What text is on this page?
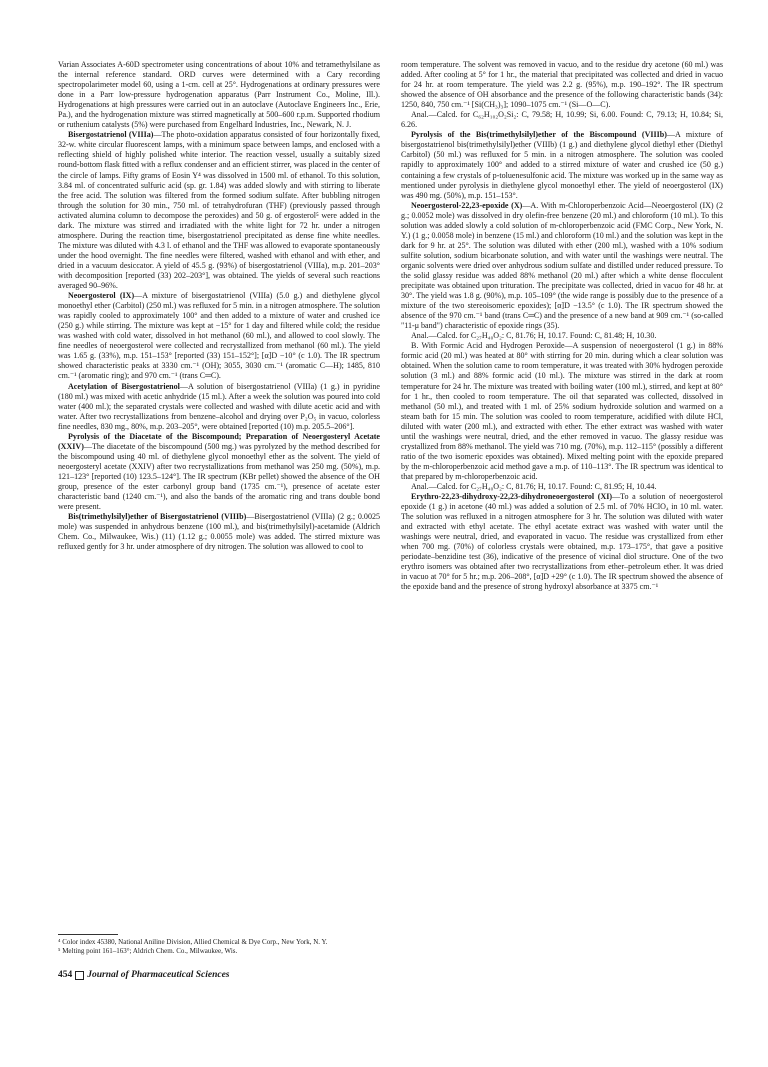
Varian Associates A-60D spectrometer using concentrations of about 10% and tetramethylsilane as the internal reference standard. ORD curves were determined with a Cary recording spectropolarimeter model 60, using a 1-cm. cell at 25°. Hydrogenations at ordinary pressures were done in a Parr low-pressure hydrogenation apparatus (Parr Instrument Co., Moline, Ill.). Hydrogenations at high pressures were carried out in an autoclave (Autoclave Engineers Inc., Erie, Pa.), and the hydrogenation mixture was stirred magnetically at 500–600 r.p.m. Supported rhodium or ruthenium catalysts (5%) were purchased from Engelhard Industries, Inc., Newark, N. J.

Bisergostatrienol (VIIIa)—The photo-oxidation apparatus consisted of four horizontally fixed, 32-w. white circular fluorescent lamps, with a minimum space between lamps, and enclosed with a reflecting shield of highly polished white interior. The reaction vessel, usually a suitably sized round-bottom flask fitted with a reflux condenser and an efficient stirrer, was placed in the center of the circle of lamps. Fifty grams of Eosin Y⁴ was dissolved in 1500 ml. of ethanol. To this solution, 3.84 ml. of concentrated sulfuric acid (sp. gr. 1.84) was added slowly and with stirring to liberate the free acid. The solution was filtered from the formed sodium sulfate. After bubbling nitrogen through the solution for 30 min., 750 ml. of tetrahydrofuran (THF) (previously passed through activated alumina column to decompose the peroxides) and 50 g. of ergosterol⁵ were added in the dark. The mixture was stirred and irradiated with the white light for 72 hr. under a nitrogen atmosphere. During the reaction time, bisergostatrienol precipitated as dense fine white needles. The mixture was diluted with 4.3 l. of ethanol and the THF was allowed to evaporate spontaneously under the hood overnight. The fine needles were filtered, washed with ethanol and with ether, and dried in a vacuum desiccator. A yield of 45.5 g. (93%) of bisergostatrienol (VIIIa), m.p. 201–203° with decomposition [reported (33) 202–203°], was obtained. The yields of several such reactions averaged 90–96%.

Neoergosterol (IX)—A mixture of bisergostatrienol (VIIIa) (5.0 g.) and diethylene glycol monoethyl ether (Carbitol) (250 ml.) was refluxed for 5 min. in a nitrogen atmosphere. The solution was rapidly cooled to approximately 100° and then added to a mixture of water and crushed ice (250 g.) while stirring. The mixture was kept at −15° for 1 day and filtered while cold; the residue was washed with cold water, dissolved in hot methanol (60 ml.), and allowed to cool slowly. The fine needles of neoergosterol were collected and recrystallized from methanol (60 ml.). The yield was 1.65 g. (33%), m.p. 151–153° [reported (33) 151–152°]; [α]D −10° (c 1.0). The IR spectrum showed characteristic peaks at 3330 cm.⁻¹ (OH); 3055, 3030 cm.⁻¹ (aromatic C—H); 1485, 810 cm.⁻¹ (aromatic ring); and 970 cm.⁻¹ (trans C═C).

Acetylation of Bisergostatrienol—A solution of bisergostatrienol (VIIIa) (1 g.) in pyridine (180 ml.) was mixed with acetic anhydride (15 ml.). After a week the solution was poured into cold water (400 ml.); the separated crystals were collected and washed with dilute acetic acid and with water. After two recrystallizations from benzene–alcohol and drying over P₂O₅ in vacuo, colorless fine needles, 830 mg., 80%, m.p. 203–205°, were obtained [reported (10) m.p. 205.5–206°].

Pyrolysis of the Diacetate of the Biscompound; Preparation of Neoergosteryl Acetate (XXIV)—The diacetate of the biscompound (500 mg.) was pyrolyzed by the method described for the biscompound using 40 ml. of diethylene glycol monoethyl ether as the solvent. The yield of neoergosteryl acetate (XXIV) after two recrystallizations from methanol was 250 mg. (50%), m.p. 121–123° [reported (10) 123.5–124°]. The IR spectrum (KBr pellet) showed the absence of the OH group, presence of the ester carbonyl group band (1735 cm.⁻¹), presence of acetate ester characteristic band (1240 cm.⁻¹), and also the bands of the aromatic ring and trans double bond were present.

Bis(trimethylsilyl)ether of Bisergostatrienol (VIIIb)—Bisergostatrienol (VIIIa) (2 g.; 0.0025 mole) was suspended in anhydrous benzene (100 ml.), and bis(trimethylsilyl)-acetamide (Aldrich Chem. Co., Milwaukee, Wis.) (11) (1.12 g.; 0.0055 mole) was added. The stirred mixture was refluxed gently for 3 hr. under atmosphere of dry nitrogen. The solution was allowed to cool to

⁴ Color index 45380, National Aniline Division, Allied Chemical & Dye Corp., New York, N. Y.
⁵ Melting point 161–163°; Aldrich Chem. Co., Milwaukee, Wis.
454 Journal of Pharmaceutical Sciences

room temperature. The solvent was removed in vacuo, and to the residue dry acetone (60 ml.) was added. After cooling at 5° for 1 hr., the material that precipitated was collected and dried in vacuo for 24 hr. at room temperature. The yield was 2.2 g. (95%), m.p. 190–192°. The IR spectrum showed the absence of OH absorbance and the presence of the following characteristic bands (34): 1250, 840, 750 cm.⁻¹ [Si(CH₃)₃]; 1090–1075 cm.⁻¹ (Si—O—C).

Anal.—Calcd. for C₆₂H₁₀₂O₂Si₂: C, 79.58; H, 10.99; Si, 6.00. Found: C, 79.13; H, 10.84; Si, 6.26.

Pyrolysis of the Bis(trimethylsilyl)ether of the Biscompound (VIIIb)—A mixture of bisergostatrienol bis(trimethylsilyl)ether (VIIIb) (1 g.) and diethylene glycol diethyl ether (Diethyl Carbitol) (50 ml.) was refluxed for 5 min. in a nitrogen atmosphere. The solution was cooled rapidly to approximately 100° and added to a stirred mixture of water and crushed ice (50 g.) containing a few crystals of p-toluenesulfonic acid. The mixture was worked up in the same way as mentioned under pyrolysis in diethylene glycol monoethyl ether. The yield of neoergosterol (IX) was 490 mg. (50%), m.p. 151–153°.

Neoergosterol-22,23-epoxide (X)—A. With m-Chloroperbenzoic Acid—Neoergosterol (IX) (2 g.; 0.0052 mole) was dissolved in dry olefin-free benzene (20 ml.) and chloroform (10 ml.). To this solution was added slowly a cold solution of m-chloroperbenzoic acid (FMC Corp., New York, N. Y.) (1 g.; 0.0058 mole) in benzene (15 ml.) and chloroform (10 ml.) and the solution was kept in the dark for 9 hr. at 25°. The solution was diluted with ether (200 ml.), washed with a 10% sodium sulfite solution, sodium bicarbonate solution, and with water until the washings were neutral. The organic solvents were dried over anhydrous sodium sulfate and distilled under reduced pressure. To the solid glassy residue was added 88% methanol (20 ml.) after which a white dense flocculent precipitate was obtained upon trituration. The precipitate was collected, dried in vacuo for 48 hr. at 30°. The yield was 1.8 g. (90%), m.p. 105–109° (the wide range is possibly due to the presence of a mixture of the two stereoisomeric epoxides); [α]D −13.5° (c 1.0). The IR spectrum showed the absence of the 970 cm.⁻¹ band (trans C═C) and the presence of a new band at 909 cm.⁻¹ (so-called "11-μ band") characteristic of epoxide rings (35).

Anal.—Calcd. for C₂₇H₄₀O₂: C, 81.76; H, 10.17. Found: C, 81.48; H, 10.30.

B. With Formic Acid and Hydrogen Peroxide—A suspension of neoergosterol (1 g.) in 88% formic acid (20 ml.) was heated at 80° with stirring for 20 min. during which a clear solution was obtained. When the solution came to room temperature, it was treated with 30% hydrogen peroxide solution (3 ml.) and 88% formic acid (10 ml.). The mixture was stirred in the dark at room temperature for 24 hr. The mixture was treated with boiling water (100 ml.), stirred, and kept at 80° for 1 hr., then cooled to room temperature. The oil that separated was collected, dissolved in methanol (50 ml.), and treated with 1 ml. of 25% sodium hydroxide solution and warmed on a steam bath for 15 min. The solution was cooled to room temperature, acidified with dilute HCl, diluted with water (200 ml.), and extracted with ether. The ether extract was washed with water until the washings were neutral, dried, and the ether removed in vacuo. The glassy residue was crystallized from 88% methanol. The yield was 710 mg. (70%), m.p. 112–115° (possibly a different ratio of the two isomeric epoxides was obtained). Mixed melting point with the epoxide prepared by the m-chloroperbenzoic acid method gave a m.p. of 110–113°. The IR spectrum was identical to that prepared by m-chloroperbenzoic acid.

Anal.—Calcd. for C₂₇H₄₀O₂: C, 81.76; H, 10.17. Found: C, 81.95; H, 10.44.

Erythro-22,23-dihydroxy-22,23-dihydroneoergosterol (XI)—To a solution of neoergosterol epoxide (1 g.) in acetone (40 ml.) was added a solution of 2.5 ml. of 70% HClO₄ in 10 ml. water. The solution was refluxed in a nitrogen atmosphere for 3 hr. The solution was diluted with water and extracted with ethyl acetate. The ethyl acetate extract was washed with water until the washings were neutral, dried, and evaporated in vacuo. The residue was crystallized from ether when 700 mg. (70%) of colorless crystals were obtained, m.p. 173–175°, that gave a positive periodate–benzidine test (36), indicative of the presence of vicinal diol structure. One of the two erythro isomers was obtained after two recrystallizations from ether–petroleum ether. It was dried in vacuo at 70° for 5 hr.; m.p. 206–208°, [α]D +29° (c 1.0). The IR spectrum showed the absence of the epoxide band and the presence of strong hydroxyl absorbance at 3375 cm.⁻¹
